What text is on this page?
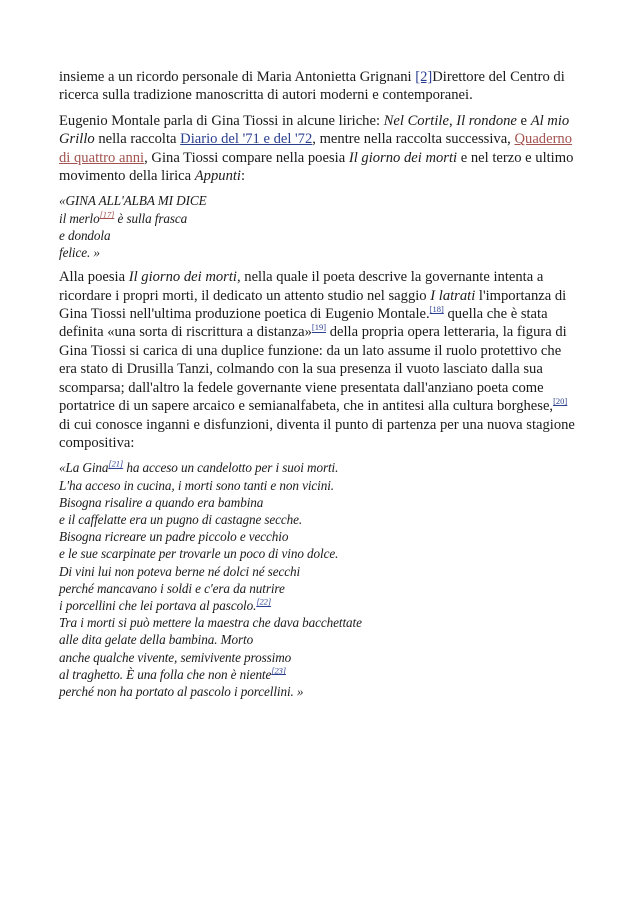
insieme a un ricordo personale di Maria Antonietta Grignani [2]Direttore del Centro di ricerca sulla tradizione manoscritta di autori moderni e contemporanei.

Eugenio Montale parla di Gina Tiossi in alcune liriche: Nel Cortile, Il rondone e Al mio Grillo nella raccolta Diario del '71 e del '72, mentre nella raccolta successiva, Quaderno di quattro anni, Gina Tiossi compare nella poesia Il giorno dei morti e nel terzo e ultimo movimento della lirica Appunti:

«GINA ALL'ALBA MI DICE
il merlo[17] è sulla frasca
e dondola
felice. »

Alla poesia Il giorno dei morti, nella quale il poeta descrive la governante intenta a ricordare i propri morti, il dedicato un attento studio nel saggio I latrati l'importanza di Gina Tiossi nell'ultima produzione poetica di Eugenio Montale.[18] quella che è stata definita «una sorta di riscrittura a distanza»[19] della propria opera letteraria, la figura di Gina Tiossi si carica di una duplice funzione: da un lato assume il ruolo protettivo che era stato di Drusilla Tanzi, colmando con la sua presenza il vuoto lasciato dalla sua scomparsa; dall'altro la fedele governante viene presentata dall'anziano poeta come portatrice di un sapere arcaico e semianalfabeta, che in antitesi alla cultura borghese,[20] di cui conosce inganni e disfunzioni, diventa il punto di partenza per una nuova stagione compositiva:

«La Gina[21] ha acceso un candelotto per i suoi morti.
L'ha acceso in cucina, i morti sono tanti e non vicini.
Bisogna risalire a quando era bambina
e il caffelatte era un pugno di castagne secche.
Bisogna ricreare un padre piccolo e vecchio
e le sue scarpinate per trovarle un poco di vino dolce.
Di vini lui non poteva berne né dolci né secchi
perché mancavano i soldi e c'era da nutrire
i porcellini che lei portava al pascolo.[22]
Tra i morti si può mettere la maestra che dava bacchettate
alle dita gelate della bambina. Morto
anche qualche vivente, semivivente prossimo
al traghetto. È una folla che non è niente[23]
perché non ha portato al pascolo i porcellini. »
